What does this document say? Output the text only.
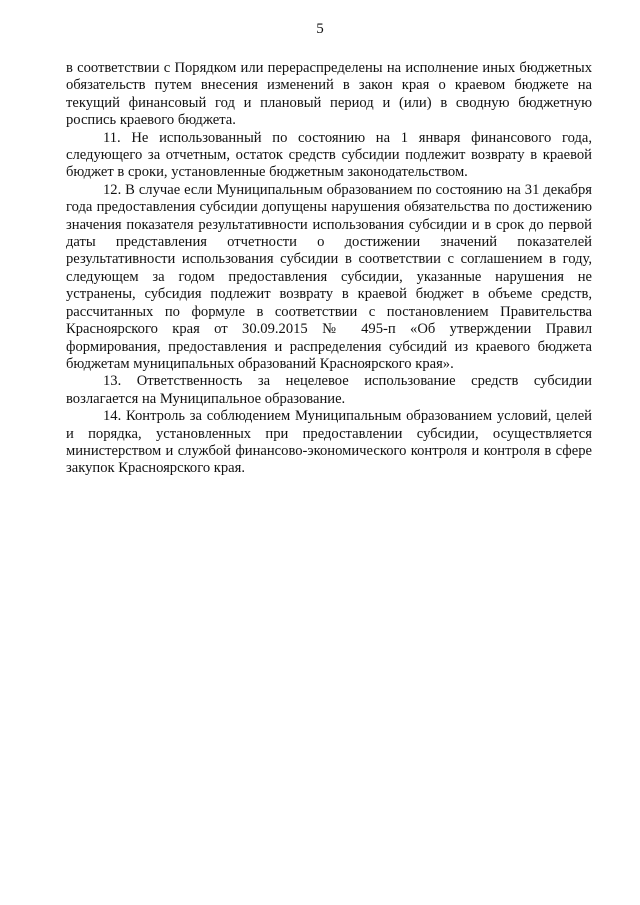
5

в соответствии с Порядком или перераспределены на исполнение иных бюджетных обязательств путем внесения изменений в закон края о краевом бюджете на текущий финансовый год и плановый период и (или) в сводную бюджетную роспись краевого бюджета.

11. Не использованный по состоянию на 1 января финансового года, следующего за отчетным, остаток средств субсидии подлежит возврату в краевой бюджет в сроки, установленные бюджетным законодательством.

12. В случае если Муниципальным образованием по состоянию на 31 декабря года предоставления субсидии допущены нарушения обязательства по достижению значения показателя результативности использования субсидии и в срок до первой даты представления отчетности о достижении значений показателей результативности использования субсидии в соответствии с соглашением в году, следующем за годом предоставления субсидии, указанные нарушения не устранены, субсидия подлежит возврату в краевой бюджет в объеме средств, рассчитанных по формуле в соответствии с постановлением Правительства Красноярского края от 30.09.2015 № 495-п «Об утверждении Правил формирования, предоставления и распределения субсидий из краевого бюджета бюджетам муниципальных образований Красноярского края».

13. Ответственность за нецелевое использование средств субсидии возлагается на Муниципальное образование.

14. Контроль за соблюдением Муниципальным образованием условий, целей и порядка, установленных при предоставлении субсидии, осуществляется министерством и службой финансово-экономического контроля и контроля в сфере закупок Красноярского края.
